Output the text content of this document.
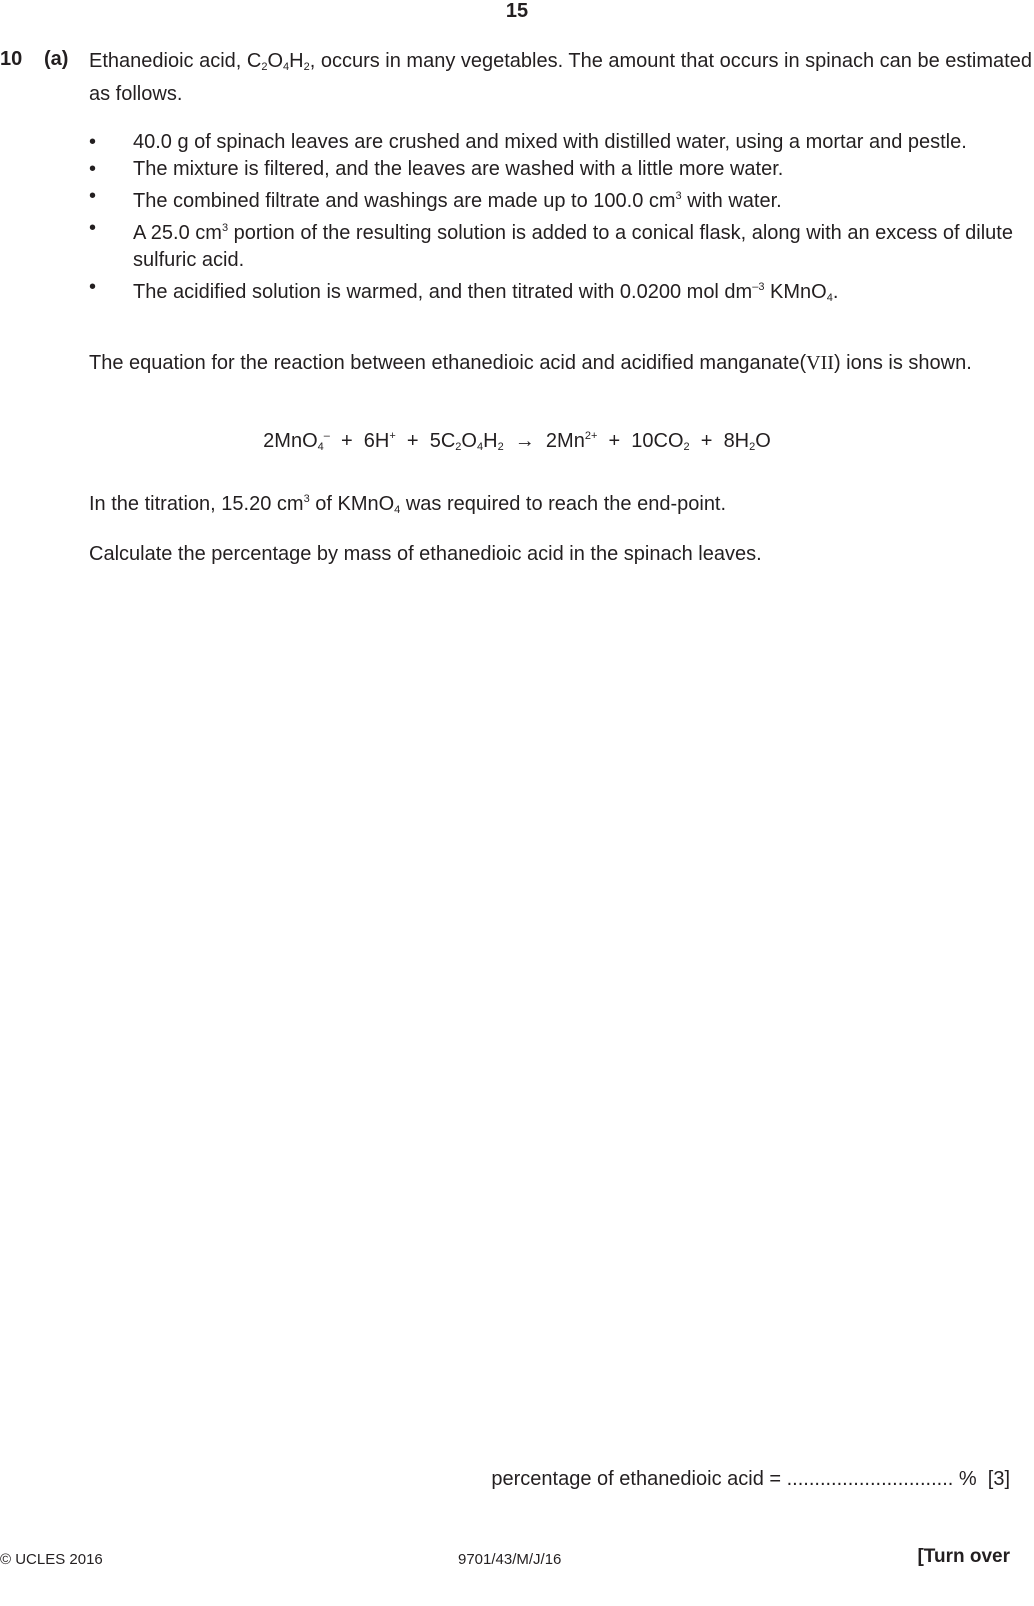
15
10 (a) Ethanedioic acid, $C_2O_4H_2$, occurs in many vegetables. The amount that occurs in spinach can be estimated as follows.
• 40.0 g of spinach leaves are crushed and mixed with distilled water, using a mortar and pestle.
• The mixture is filtered, and the leaves are washed with a little more water.
• The combined filtrate and washings are made up to 100.0 $cm^3$ with water.
• A 25.0 $cm^3$ portion of the resulting solution is added to a conical flask, along with an excess of dilute sulfuric acid.
• The acidified solution is warmed, and then titrated with 0.0200 mol $dm^{-3}$ KMnO$_4$.
The equation for the reaction between ethanedioic acid and acidified manganate(VII) ions is shown.
$2MnO_4^- + 6H^+ + 5C_2O_4H_2 \to 2Mn^{2+} + 10CO_2 + 8H_2O$
In the titration, 15.20 $cm^3$ of KMnO$_4$ was required to reach the end-point.
Calculate the percentage by mass of ethanedioic acid in the spinach leaves.
percentage of ethanedioic acid = .............................. %  [3]
© UCLES 2016	9701/43/M/J/16	[Turn over
